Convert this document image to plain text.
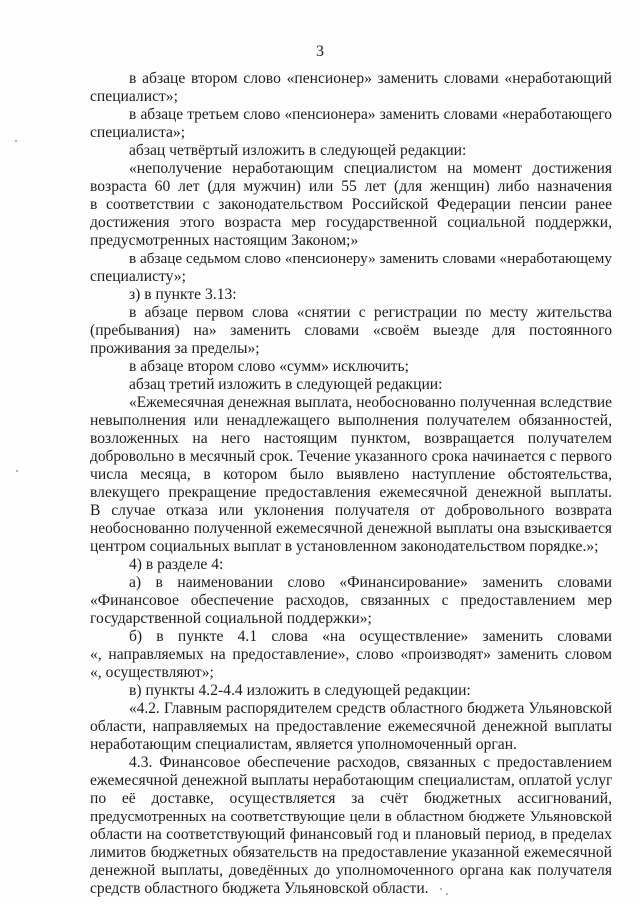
3
в абзаце втором слово «пенсионер» заменить словами «неработающий
специалист»;
в абзаце третьем слово «пенсионера» заменить словами «неработающего
специалиста»;
абзац четвёртый изложить в следующей редакции:
«неполучение неработающим специалистом на момент достижения
возраста 60 лет (для мужчин) или 55 лет (для женщин) либо назначения
в соответствии с законодательством Российской Федерации пенсии ранее
достижения этого возраста мер государственной социальной поддержки,
предусмотренных настоящим Законом;»
в абзаце седьмом слово «пенсионеру» заменить словами «неработающему
специалисту»;
з) в пункте 3.13:
в абзаце первом слова «снятии с регистрации по месту жительства
(пребывания) на» заменить словами «своём выезде для постоянного
проживания за пределы»;
в абзаце втором слово «сумм» исключить;
абзац третий изложить в следующей редакции:
«Ежемесячная денежная выплата, необоснованно полученная вследствие
невыполнения или ненадлежащего выполнения получателем обязанностей,
возложенных на него настоящим пунктом, возвращается получателем
добровольно в месячный срок. Течение указанного срока начинается с первого
числа месяца, в котором было выявлено наступление обстоятельства,
влекущего прекращение предоставления ежемесячной денежной выплаты.
В случае отказа или уклонения получателя от добровольного возврата
необоснованно полученной ежемесячной денежной выплаты она взыскивается
центром социальных выплат в установленном законодательством порядке.»;
4) в разделе 4:
а) в наименовании слово «Финансирование» заменить словами
«Финансовое обеспечение расходов, связанных с предоставлением мер
государственной социальной поддержки»;
б) в пункте 4.1 слова «на осуществление» заменить словами
«, направляемых на предоставление», слово «производят» заменить словом
«, осуществляют»;
в) пункты 4.2-4.4 изложить в следующей редакции:
«4.2. Главным распорядителем средств областного бюджета Ульяновской
области, направляемых на предоставление ежемесячной денежной выплаты
неработающим специалистам, является уполномоченный орган.
4.3. Финансовое обеспечение расходов, связанных с предоставлением
ежемесячной денежной выплаты неработающим специалистам, оплатой услуг
по её доставке, осуществляется за счёт бюджетных ассигнований,
предусмотренных на соответствующие цели в областном бюджете Ульяновской
области на соответствующий финансовый год и плановый период, в пределах
лимитов бюджетных обязательств на предоставление указанной ежемесячной
денежной выплаты, доведённых до уполномоченного органа как получателя
средств областного бюджета Ульяновской области.
